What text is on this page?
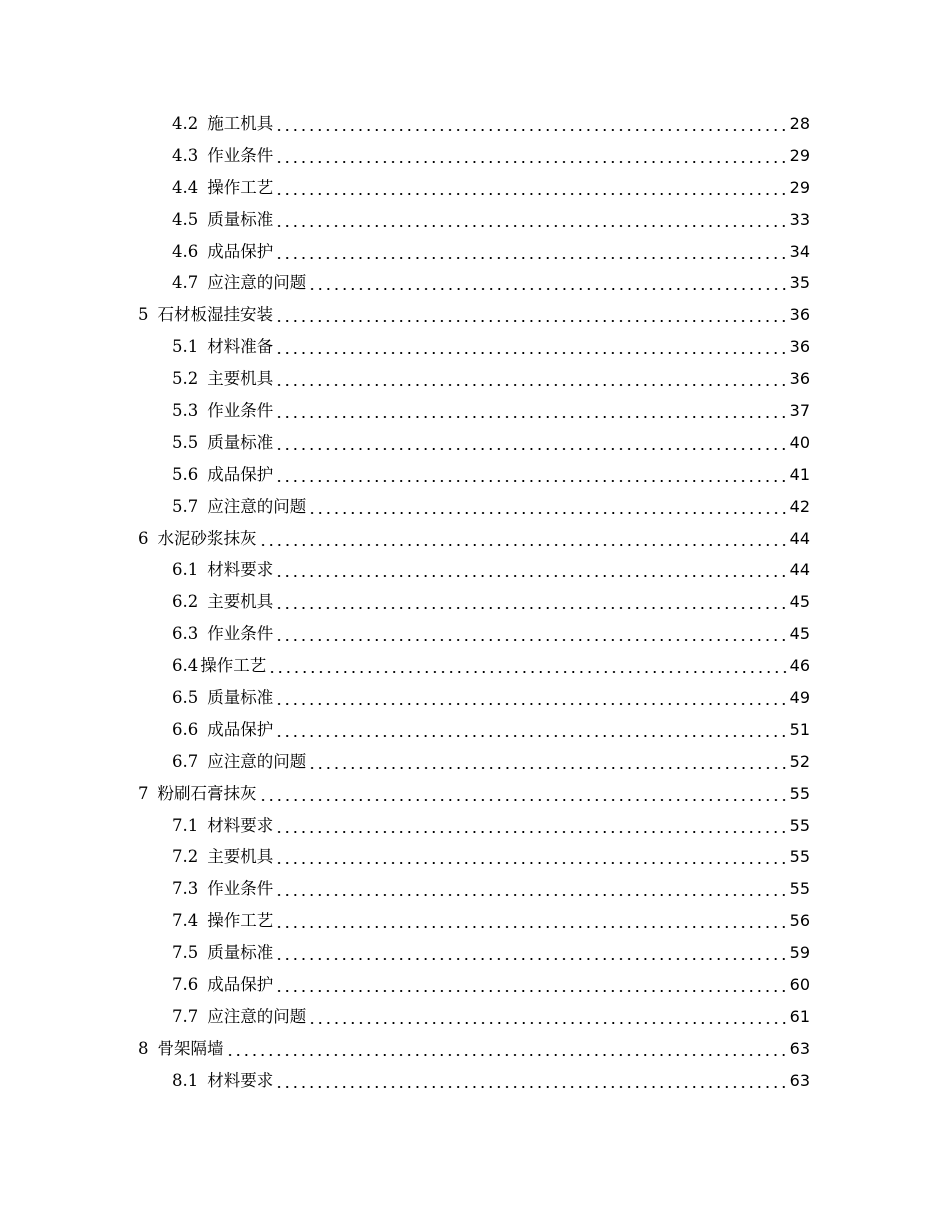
4.2 施工机具	28
4.3 作业条件	29
4.4 操作工艺	29
4.5 质量标准	33
4.6 成品保护	34
4.7 应注意的问题	35
5 石材板湿挂安装	36
5.1 材料准备	36
5.2 主要机具	36
5.3 作业条件	37
5.5 质量标准	40
5.6 成品保护	41
5.7 应注意的问题	42
6 水泥砂浆抹灰	44
6.1 材料要求	44
6.2 主要机具	45
6.3 作业条件	45
6.4 操作工艺	46
6.5 质量标准	49
6.6 成品保护	51
6.7 应注意的问题	52
7 粉刷石膏抹灰	55
7.1 材料要求	55
7.2 主要机具	55
7.3 作业条件	55
7.4 操作工艺	56
7.5 质量标准	59
7.6 成品保护	60
7.7 应注意的问题	61
8 骨架隔墙	63
8.1 材料要求	63
